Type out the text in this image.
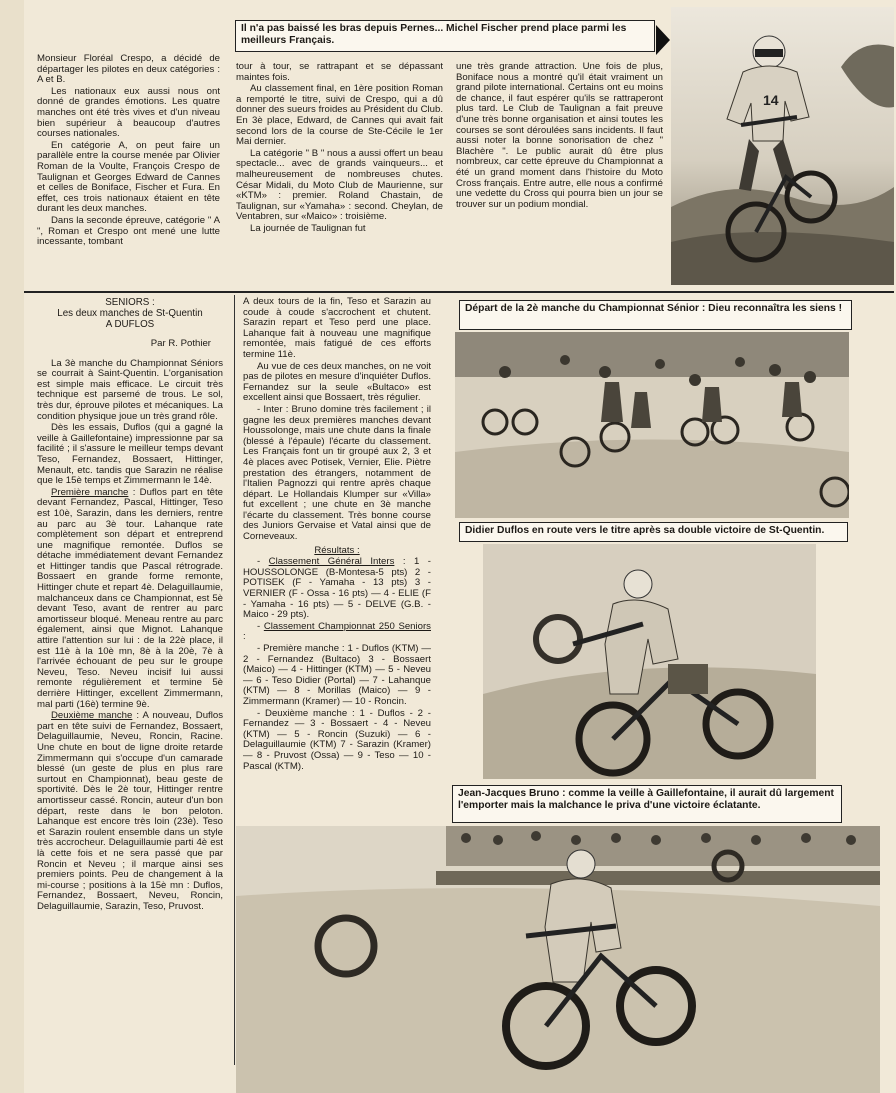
Il n'a pas baissé les bras depuis Pernes... Michel Fischer prend place parmi les meilleurs Français.

Monsieur Floréal Crespo, a décidé de départager les pilotes en deux catégories : A et B.

Les nationaux eux aussi nous ont donné de grandes émotions. Les quatre manches ont été très vives et d'un niveau bien supérieur à beaucoup d'autres courses nationales.

En catégorie A, on peut faire un parallèle entre la course menée par Olivier Roman de la Voulte, François Crespo de Taulignan et Georges Edward de Cannes et celles de Boniface, Fischer et Fura. En effet, ces trois nationaux étaient en tête durant les deux manches.

Dans la seconde épreuve, catégorie " A ", Roman et Crespo ont mené une lutte incessante, tombant

tour à tour, se rattrapant et se dépassant maintes fois.

Au classement final, en 1ère position Roman a remporté le titre, suivi de Crespo, qui a dû donner des sueurs froides au Président du Club. En 3è place, Edward, de Cannes qui avait fait second lors de la course de Ste-Cécile le 1er Mai dernier.

La catégorie " B " nous a aussi offert un beau spectacle... avec de grands vainqueurs... et malheureusement de nombreuses chutes. César Midali, du Moto Club de Maurienne, sur «KTM» : premier. Roland Chastain, de Taulignan, sur «Yamaha» : second. Cheylan, de Ventabren, sur «Maico» : troisième.

La journée de Taulignan fut

une très grande attraction. Une fois de plus, Boniface nous a montré qu'il était vraiment un grand pilote international. Certains ont eu moins de chance, il faut espérer qu'ils se rattraperont plus tard. Le Club de Taulignan a fait preuve d'une très bonne organisation et ainsi toutes les courses se sont déroulées sans incidents. Il faut aussi noter la bonne sonorisation de chez " Blachère ". Le public aurait dû être plus nombreux, car cette épreuve du Championnat a été un grand moment dans l'histoire du Moto Cross français. Entre autre, elle nous a confirmé une vedette du Cross qui pourra bien un jour se trouver sur un podium mondial.

14
SENIORS :
Les deux manches de St-Quentin
A DUFLOS
Par R. Pothier

La 3è manche du Championnat Séniors se courrait à Saint-Quentin. L'organisation est simple mais efficace. Le circuit très technique est parsemé de trous. Le sol, très dur, éprouve pilotes et mécaniques. La condition physique joue un très grand rôle.

Dès les essais, Duflos (qui a gagné la veille à Gaillefontaine) impressionne par sa facilité ; il s'assure le meilleur temps devant Teso, Fernandez, Bossaert, Hittinger, Menault, etc. tandis que Sarazin ne réalise que le 15è temps et Zimmermann le 14è.

Première manche : Duflos part en tête devant Fernandez, Pascal, Hittinger, Teso est 10è, Sarazin, dans les derniers, rentre au parc au 3è tour. Lahanque rate complètement son départ et entreprend une magnifique remontée. Duflos se détache immédiatement devant Fernandez et Hittinger tandis que Pascal rétrograde. Bossaert en grande forme remonte, Hittinger chute et repart 4è. Delaguillaumie, malchanceux dans ce Championnat, est 5è devant Teso, avant de rentrer au parc amortisseur bloqué. Meneau rentre au parc également, ainsi que Mignot. Lahanque attire l'attention sur lui : de la 22è place, il est 11è à la 10è mn, 8è à la 20è, 7è à l'arrivée échouant de peu sur le groupe Neveu, Teso. Neveu incisif lui aussi remonte régulièrement et termine 5è derrière Hittinger, excellent Zimmermann, mal parti (16è) termine 9è.

Deuxième manche : A nouveau, Duflos part en tête suivi de Fernandez, Bossaert, Delaguillaumie, Neveu, Roncin, Racine. Une chute en bout de ligne droite retarde Zimmermann qui s'occupe d'un camarade blessé (un geste de plus en plus rare surtout en Championnat), beau geste de sportivité. Dès le 2è tour, Hittinger rentre amortisseur cassé. Roncin, auteur d'un bon départ, reste dans le bon peloton. Lahanque est encore très loin (23è). Teso et Sarazin roulent ensemble dans un style très accrocheur. Delaguillaumie parti 4è est là cette fois et ne sera passé que par Roncin et Neveu ; il marque ainsi ses premiers points. Peu de changement à la mi-course ; positions à la 15è mn : Duflos, Fernandez, Bossaert, Neveu, Roncin, Delaguillaumie, Sarazin, Teso, Pruvost.

A deux tours de la fin, Teso et Sarazin au coude à coude s'accrochent et chutent. Sarazin repart et Teso perd une place. Lahanque fait à nouveau une magnifique remontée, mais fatigué de ces efforts termine 11è.

Au vue de ces deux manches, on ne voit pas de pilotes en mesure d'inquiéter Duflos. Fernandez sur la seule «Bultaco» est excellent ainsi que Bossaert, très régulier.

- Inter : Bruno domine très facilement ; il gagne les deux premières manches devant Houssolonge, mais une chute dans la finale (blessé à l'épaule) l'écarte du classement. Les Français font un tir groupé aux 2, 3 et 4è places avec Potisek, Vernier, Elie. Piètre prestation des étrangers, notamment de l'Italien Pagnozzi qui rentre après chaque départ. Le Hollandais Klumper sur «Villa» fut excellent ; une chute en 3è manche l'écarte du classement. Très bonne course des Juniors Gervaise et Vatal ainsi que de Corneveaux.

Résultats :

- Classement Général Inters : 1 - HOUSSOLONGE (B-Montesa-5 pts) 2 - POTISEK (F - Yamaha - 13 pts) 3 - VERNIER (F - Ossa - 16 pts) — 4 - ELIE (F - Yamaha - 16 pts) — 5 - DELVE (G.B. - Maico - 29 pts).

- Classement Championnat 250 Seniors :

- Première manche : 1 - Duflos (KTM) — 2 - Fernandez (Bultaco) 3 - Bossaert (Maico) — 4 - Hittinger (KTM) — 5 - Neveu — 6 - Teso Didier (Portal) — 7 - Lahanque (KTM) — 8 - Morillas (Maico) — 9 - Zimmermann (Kramer) — 10 - Roncin.

- Deuxième manche : 1 - Duflos - 2 - Fernandez — 3 - Bossaert - 4 - Neveu (KTM) — 5 - Roncin (Suzuki) — 6 - Delaguillaumie (KTM) 7 - Sarazin (Kramer) — 8 - Pruvost (Ossa) — 9 - Teso — 10 - Pascal (KTM).

Départ de la 2è manche du Championnat Sénior : Dieu reconnaîtra les siens !
Didier Duflos en route vers le titre après sa double victoire de St-Quentin.
Jean-Jacques Bruno : comme la veille à Gaillefontaine, il aurait dû largement l'emporter mais la malchance le priva d'une victoire éclatante.
